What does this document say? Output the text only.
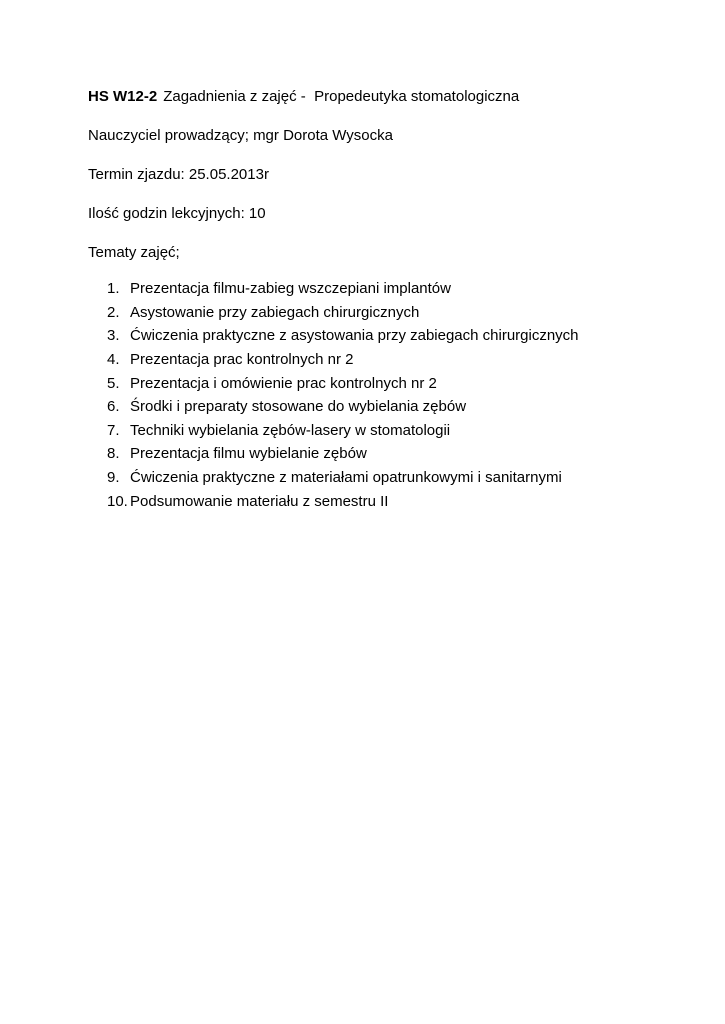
HS W12-2 Zagadnienia z zajęć -  Propedeutyka stomatologiczna

Nauczyciel prowadzący; mgr Dorota Wysocka

Termin zjazdu: 25.05.2013r

Ilość godzin lekcyjnych: 10

Tematy zajęć;

1. Prezentacja filmu-zabieg wszczepiani implantów
2. Asystowanie przy zabiegach chirurgicznych
3. Ćwiczenia praktyczne z asystowania przy zabiegach chirurgicznych
4. Prezentacja prac kontrolnych nr 2
5. Prezentacja i omówienie prac kontrolnych nr 2
6. Środki i preparaty stosowane do wybielania zębów
7. Techniki wybielania zębów-lasery w stomatologii
8. Prezentacja filmu wybielanie zębów
9. Ćwiczenia praktyczne z materiałami opatrunkowymi i sanitarnymi
10. Podsumowanie materiału z semestru II
